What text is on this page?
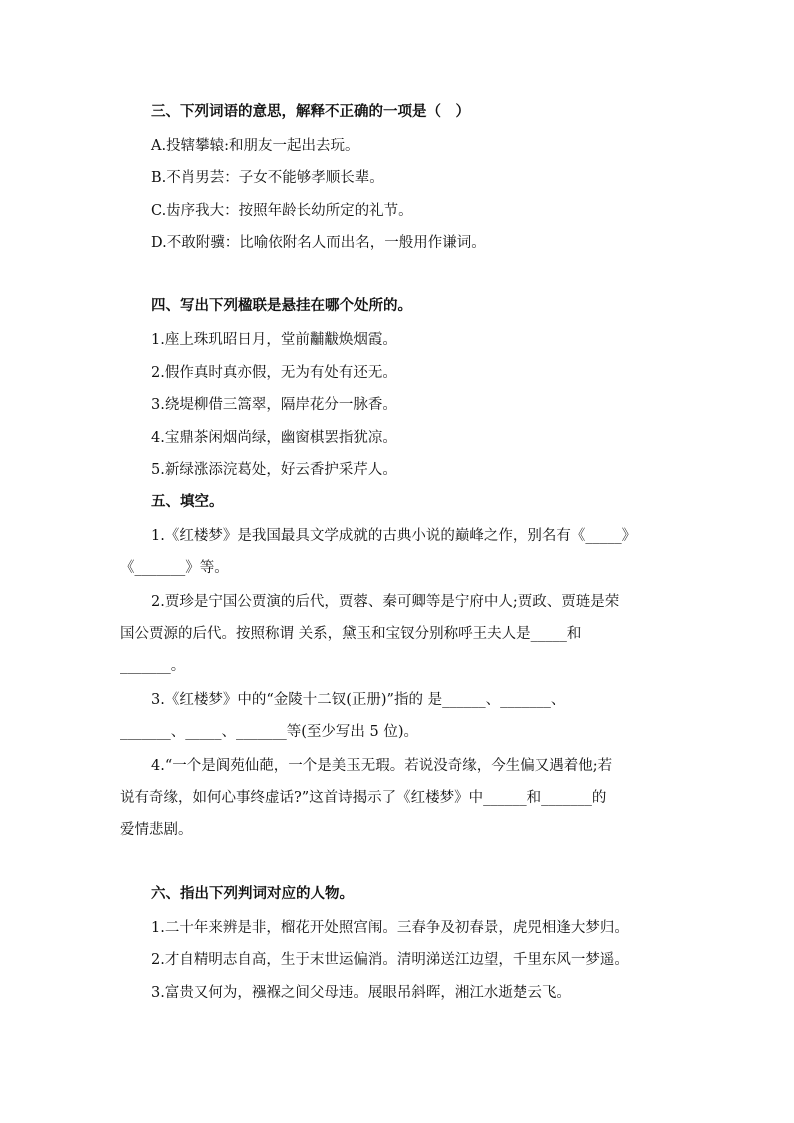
三、下列词语的意思，解释不正确的一项是（　）
A.投辖攀辕:和朋友一起出去玩。
B.不肖男芸：子女不能够孝顺长辈。
C.齿序我大：按照年龄长幼所定的礼节。
D.不敢附骥：比喻依附名人而出名，一般用作谦词。
四、写出下列楹联是悬挂在哪个处所的。
1.座上珠玑昭日月，堂前黼黻焕烟霞。
2.假作真时真亦假，无为有处有还无。
3.绕堤柳借三篙翠，隔岸花分一脉香。
4.宝鼎茶闲烟尚绿，幽窗棋罢指犹凉。
5.新绿涨添浣葛处，好云香护采芹人。
五、填空。
1.《红楼梦》是我国最具文学成就的古典小说的巅峰之作，别名有《_____》
《_______》等。
2.贾珍是宁国公贾演的后代，贾蓉、秦可卿等是宁府中人;贾政、贾琏是荣
国公贾源的后代。按照称谓 关系，黛玉和宝钗分别称呼王夫人是_____和
_______。
3.《红楼梦》中的“金陵十二钗(正册)”指的 是______、_______、
_______、_____、_______等(至少写出 5 位)。
4.“一个是阆苑仙葩，一个是美玉无瑕。若说没奇缘，今生偏又遇着他;若
说有奇缘，如何心事终虚话?”这首诗揭示了《红楼梦》中______和_______的
爱情悲剧。
六、指出下列判词对应的人物。
1.二十年来辨是非，榴花开处照宫闱。三春争及初春景，虎兕相逢大梦归。
2.才自精明志自高，生于末世运偏消。清明涕送江边望，千里东风一梦遥。
3.富贵又何为，襁褓之间父母违。展眼吊斜晖，湘江水逝楚云飞。
